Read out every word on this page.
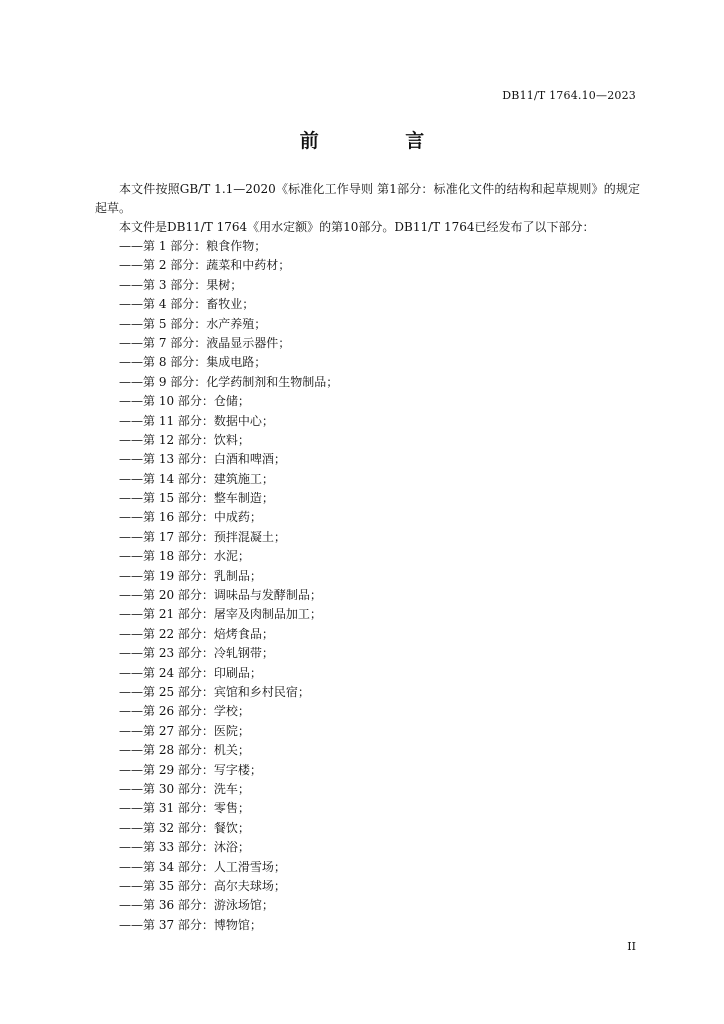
DB11/T 1764.10—2023
前 言

本文件按照GB/T 1.1—2020《标准化工作导则 第1部分：标准化文件的结构和起草规则》的规定起草。

本文件是DB11/T 1764《用水定额》的第10部分。DB11/T 1764已经发布了以下部分：

——第 1 部分：粮食作物；
——第 2 部分：蔬菜和中药材；
——第 3 部分：果树；
——第 4 部分：畜牧业；
——第 5 部分：水产养殖；
——第 7 部分：液晶显示器件；
——第 8 部分：集成电路；
——第 9 部分：化学药制剂和生物制品；
——第 10 部分：仓储；
——第 11 部分：数据中心；
——第 12 部分：饮料；
——第 13 部分：白酒和啤酒；
——第 14 部分：建筑施工；
——第 15 部分：整车制造；
——第 16 部分：中成药；
——第 17 部分：预拌混凝土；
——第 18 部分：水泥；
——第 19 部分：乳制品；
——第 20 部分：调味品与发酵制品；
——第 21 部分：屠宰及肉制品加工；
——第 22 部分：焙烤食品；
——第 23 部分：冷轧钢带；
——第 24 部分：印刷品；
——第 25 部分：宾馆和乡村民宿；
——第 26 部分：学校；
——第 27 部分：医院；
——第 28 部分：机关；
——第 29 部分：写字楼；
——第 30 部分：洗车；
——第 31 部分：零售；
——第 32 部分：餐饮；
——第 33 部分：沐浴；
——第 34 部分：人工滑雪场；
——第 35 部分：高尔夫球场；
——第 36 部分：游泳场馆；
——第 37 部分：博物馆；
II
